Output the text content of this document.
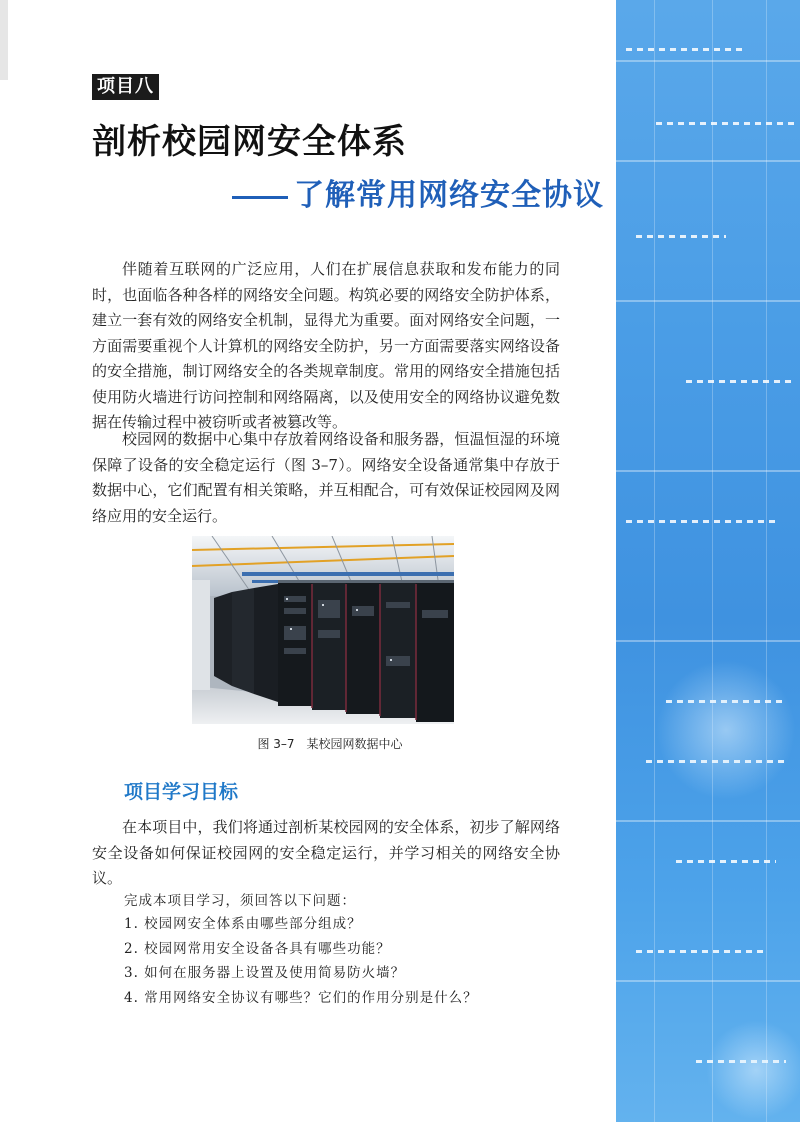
项目八
剖析校园网安全体系
了解常用网络安全协议

伴随着互联网的广泛应用，人们在扩展信息获取和发布能力的同时，也面临各种各样的网络安全问题。构筑必要的网络安全防护体系，建立一套有效的网络安全机制，显得尤为重要。面对网络安全问题，一方面需要重视个人计算机的网络安全防护，另一方面需要落实网络设备的安全措施，制订网络安全的各类规章制度。常用的网络安全措施包括使用防火墙进行访问控制和网络隔离，以及使用安全的网络协议避免数据在传输过程中被窃听或者被篡改等。

校园网的数据中心集中存放着网络设备和服务器，恒温恒湿的环境保障了设备的安全稳定运行（图 3–7）。网络安全设备通常集中存放于数据中心，它们配置有相关策略，并互相配合，可有效保证校园网及网络应用的安全运行。

图 3–7 某校园网数据中心
项目学习目标

在本项目中，我们将通过剖析某校园网的安全体系，初步了解网络安全设备如何保证校园网的安全稳定运行，并学习相关的网络安全协议。

完成本项目学习，须回答以下问题：

1. 校园网安全体系由哪些部分组成？
2. 校园网常用安全设备各具有哪些功能？
3. 如何在服务器上设置及使用简易防火墙？
4. 常用网络安全协议有哪些？它们的作用分别是什么？
